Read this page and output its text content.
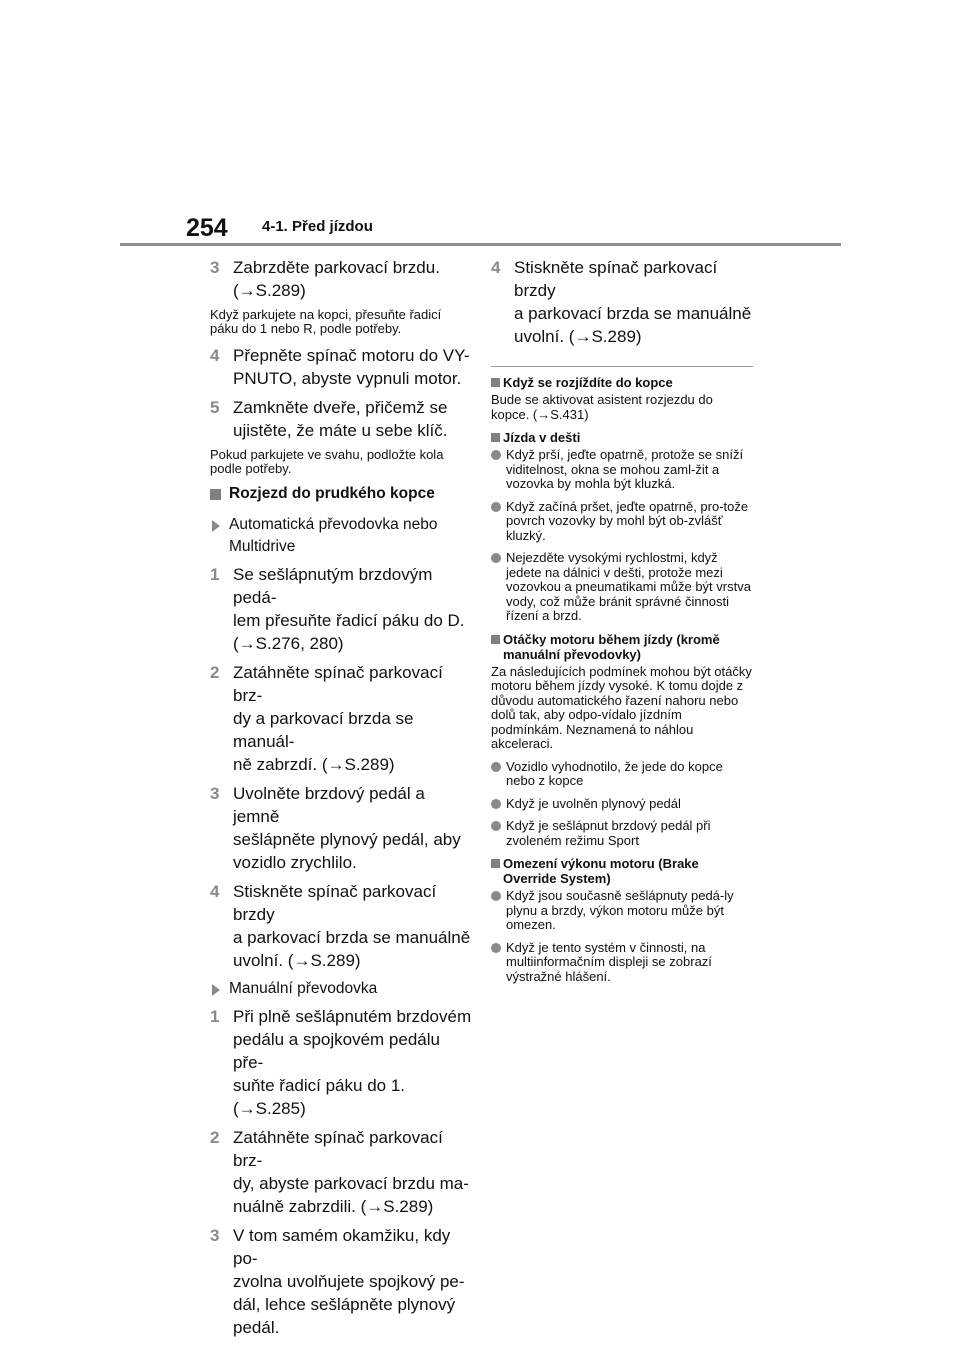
254 4-1. Před jízdou
3 Zabrzděte parkovací brzdu.
(→S.289)
Když parkujete na kopci, přesuňte řadicí páku do 1 nebo R, podle potřeby.
4 Přepněte spínač motoru do VY-
PNUTO, abyste vypnuli motor.
5 Zamkněte dveře, přičemž se
ujistěte, že máte u sebe klíč.
Pokud parkujete ve svahu, podložte kola podle potřeby.
Rozjezd do prudkého kopce
Automatická převodovka nebo
Multidrive
1 Se sešlápnutým brzdovým pedá-
lem přesuňte řadicí páku do D.
(→S.276, 280)
2 Zatáhněte spínač parkovací brz-
dy a parkovací brzda se manuál-
ně zabrzdí. (→S.289)
3 Uvolněte brzdový pedál a jemně
sešlápněte plynový pedál, aby
vozidlo zrychlilo.
4 Stiskněte spínač parkovací brzdy
a parkovací brzda se manuálně
uvolní. (→S.289)
Manuální převodovka
1 Při plně sešlápnutém brzdovém
pedálu a spojkovém pedálu pře-
suňte řadicí páku do 1. (→S.285)
2 Zatáhněte spínač parkovací brz-
dy, abyste parkovací brzdu ma-
nuálně zabrzdili. (→S.289)
3 V tom samém okamžiku, kdy po-
zvolna uvolňujete spojkový pe-
dál, lehce sešlápněte plynový
pedál.
4 Stiskněte spínač parkovací brzdy
a parkovací brzda se manuálně
uvolní. (→S.289)
Když se rozjíždíte do kopce
Bude se aktivovat asistent rozjezdu do kopce. (→S.431)
Jízda v dešti
Když prší, jeďte opatrně, protože se sníží viditelnost, okna se mohou zaml-žit a vozovka by mohla být kluzká.
Když začíná pršet, jeďte opatrně, pro-tože povrch vozovky by mohl být ob-zvlášť kluzký.
Nejezděte vysokými rychlostmi, když jedete na dálnici v dešti, protože mezi vozovkou a pneumatikami může být vrstva vody, což může bránit správné činnosti řízení a brzd.
Otáčky motoru během jízdy (kromě manuální převodovky)
Za následujících podmínek mohou být otáčky motoru během jízdy vysoké. K tomu dojde z důvodu automatického řazení nahoru nebo dolů tak, aby odpo-vídalo jízdním podmínkám. Neznamená to náhlou akceleraci.
Vozidlo vyhodnotilo, že jede do kopce nebo z kopce
Když je uvolněn plynový pedál
Když je sešlápnut brzdový pedál při zvoleném režimu Sport
Omezení výkonu motoru (Brake Override System)
Když jsou současně sešlápnuty pedá-ly plynu a brzdy, výkon motoru může být omezen.
Když je tento systém v činnosti, na multiinformačním displeji se zobrazí výstražné hlášení.
